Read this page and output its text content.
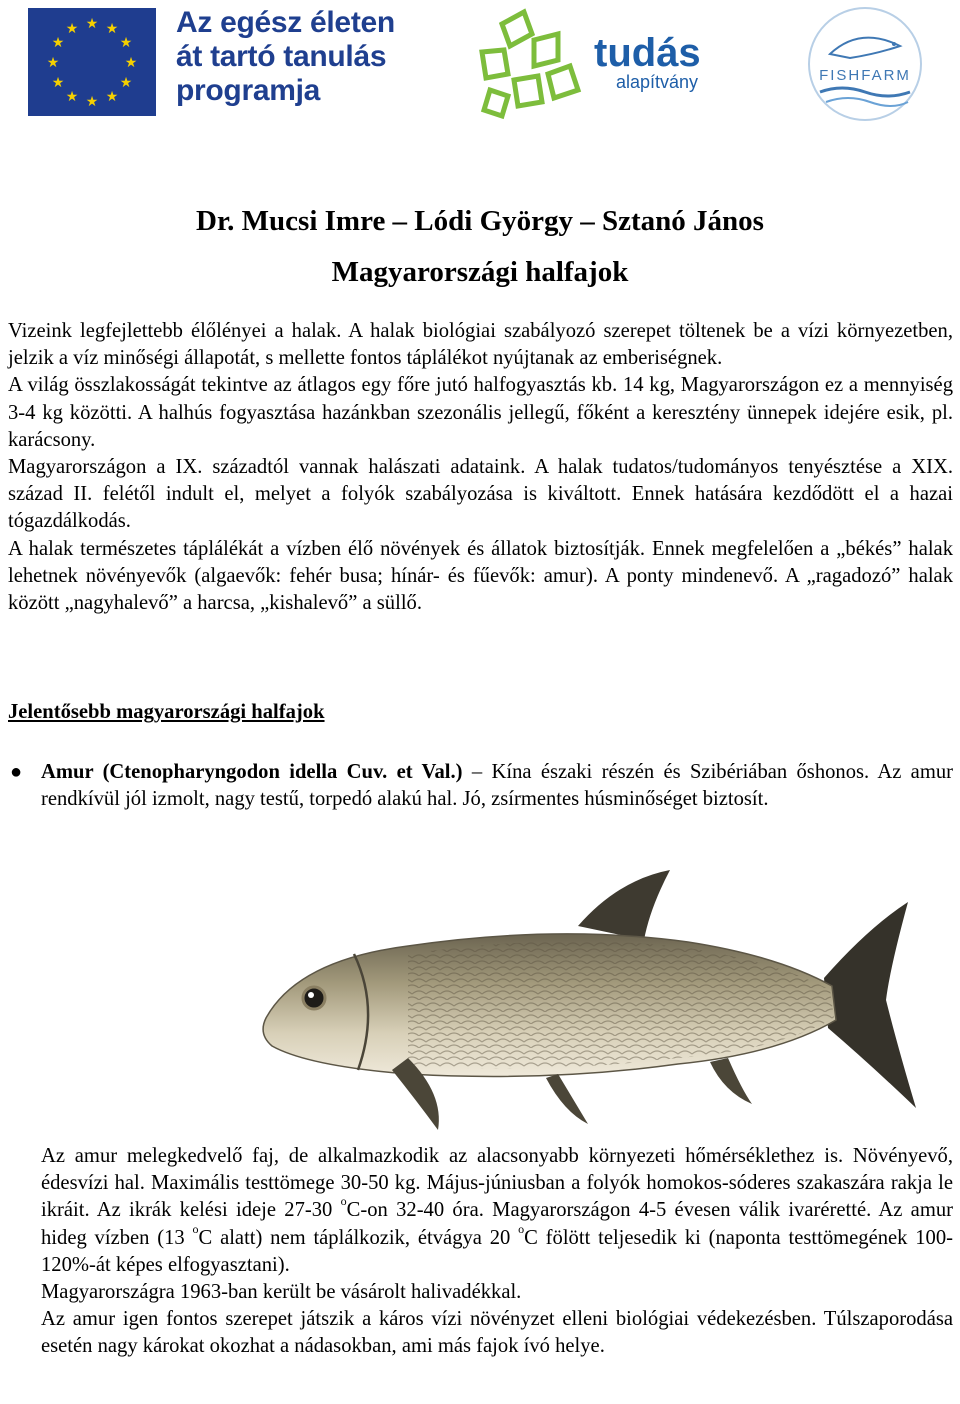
★ ★
★
★
★
★
★
★
★
★
★
★	Az egész életen
át tartó tanulás
programja
tudás
alapítvány	FISHFARM
Dr. Mucsi Imre – Lódi György – Sztanó János
Magyarországi halfajok

Vizeink legfejlettebb élőlényei a halak. A halak biológiai szabályozó szerepet töltenek be a vízi környezetben, jelzik a víz minőségi állapotát, s mellette fontos táplálékot nyújtanak az emberiségnek.

A világ összlakosságát tekintve az átlagos egy főre jutó halfogyasztás kb. 14 kg, Magyarországon ez a mennyiség 3-4 kg közötti. A halhús fogyasztása hazánkban szezonális jellegű, főként a keresztény ünnepek idejére esik, pl. karácsony.

Magyarországon a IX. századtól vannak halászati adataink. A halak tudatos/tudományos tenyésztése a XIX. század II. felétől indult el, melyet a folyók szabályozása is kiváltott. Ennek hatására kezdődött el a hazai tógazdálkodás.

A halak természetes táplálékát a vízben élő növények és állatok biztosítják. Ennek megfelelően a „békés” halak lehetnek növényevők (algaevők: fehér busa; hínár- és fűevők: amur). A ponty mindenevő. A „ragadozó” halak között „nagyhalevő” a harcsa, „kishalevő” a süllő.

Jelentősebb magyarországi halfajok
● Amur (Ctenopharyngodon idella Cuv. et Val.) – Kína északi részén és Szibériában őshonos. Az amur rendkívül jól izmolt, nagy testű, torpedó alakú hal. Jó, zsírmentes húsminőséget biztosít.

Az amur melegkedvelő faj, de alkalmazkodik az alacsonyabb környezeti hőmérséklethez is. Növényevő, édesvízi hal. Maximális testtömege 30-50 kg. Május-júniusban a folyók homokos-sóderes szakaszára rakja le ikráit. Az ikrák kelési ideje 27-30 $^o$C-on 32-40 óra. Magyarországon 4-5 évesen válik ivaréretté. Az amur hideg vízben (13 $^o$C alatt) nem táplálkozik, étvágya 20 $^o$C fölött teljesedik ki (naponta testtömegének 100-120%-át képes elfogyasztani).

Magyarországra 1963-ban került be vásárolt halivadékkal.

Az amur igen fontos szerepet játszik a káros vízi növényzet elleni biológiai védekezésben. Túlszaporodása esetén nagy károkat okozhat a nádasokban, ami más fajok ívó helye.
